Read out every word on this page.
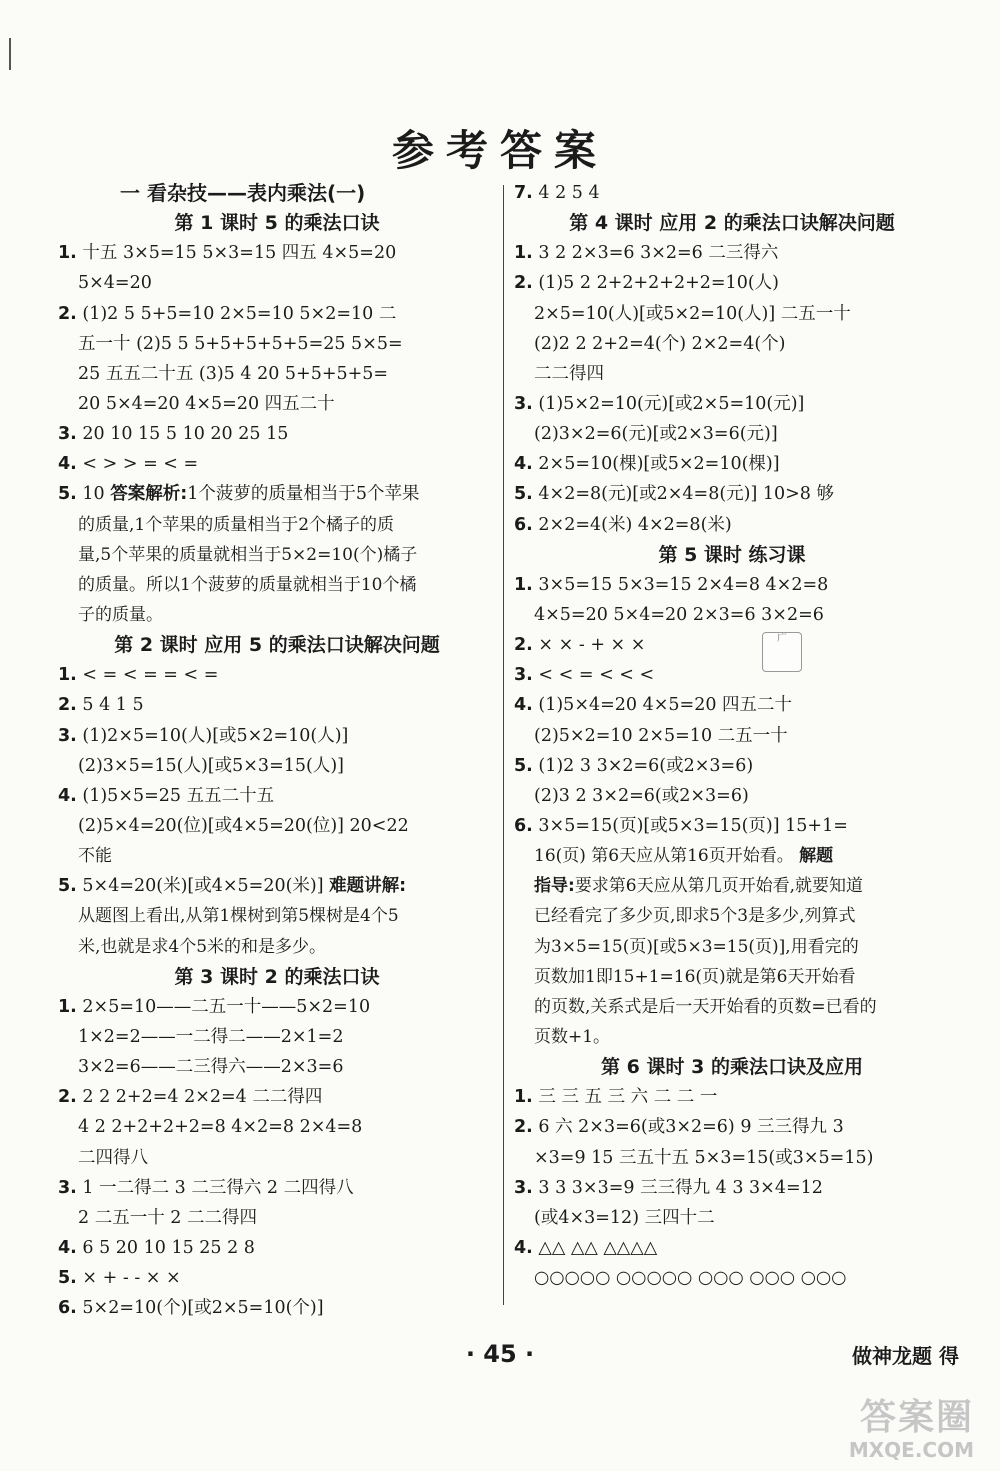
参考答案
一 看杂技——表内乘法(一)
第 1 课时 5 的乘法口诀
1. 十五 3×5=15 5×3=15 四五 4×5=20
5×4=20
2. (1)2 5 5+5=10 2×5=10 5×2=10 二
五一十 (2)5 5 5+5+5+5+5=25 5×5=
25 五五二十五 (3)5 4 20 5+5+5+5=
20 5×4=20 4×5=20 四五二十
3. 20 10 15 5 10 20 25 15
4. < > > = < =
5. 10 答案解析:1个菠萝的质量相当于5个苹果
的质量,1个苹果的质量相当于2个橘子的质
量,5个苹果的质量就相当于5×2=10(个)橘子
的质量。所以1个菠萝的质量就相当于10个橘
子的质量。
第 2 课时 应用 5 的乘法口诀解决问题
1. < = < = = < =
2. 5 4 1 5
3. (1)2×5=10(人)[或5×2=10(人)]
(2)3×5=15(人)[或5×3=15(人)]
4. (1)5×5=25 五五二十五
(2)5×4=20(位)[或4×5=20(位)] 20<22
不能
5. 5×4=20(米)[或4×5=20(米)] 难题讲解:
从题图上看出,从第1棵树到第5棵树是4个5
米,也就是求4个5米的和是多少。
第 3 课时 2 的乘法口诀
1. 2×5=10——二五一十——5×2=10
1×2=2——一二得二——2×1=2
3×2=6——二三得六——2×3=6
2. 2 2 2+2=4 2×2=4 二二得四
4 2 2+2+2+2=8 4×2=8 2×4=8
二四得八
3. 1 一二得二 3 二三得六 2 二四得八
2 二五一十 2 二二得四
4. 6 5 20 10 15 25 2 8
5. × + - - × ×
6. 5×2=10(个)[或2×5=10(个)]
7. 4 2 5 4
第 4 课时 应用 2 的乘法口诀解决问题
1. 3 2 2×3=6 3×2=6 二三得六
2. (1)5 2 2+2+2+2+2=10(人)
2×5=10(人)[或5×2=10(人)] 二五一十
(2)2 2 2+2=4(个) 2×2=4(个)
二二得四
3. (1)5×2=10(元)[或2×5=10(元)]
(2)3×2=6(元)[或2×3=6(元)]
4. 2×5=10(棵)[或5×2=10(棵)]
5. 4×2=8(元)[或2×4=8(元)] 10>8 够
6. 2×2=4(米) 4×2=8(米)
第 5 课时 练习课
1. 3×5=15 5×3=15 2×4=8 4×2=8
4×5=20 5×4=20 2×3=6 3×2=6
2. × × - + × ×
3. < < = < < <
4. (1)5×4=20 4×5=20 四五二十
(2)5×2=10 2×5=10 二五一十
5. (1)2 3 3×2=6(或2×3=6)
(2)3 2 3×2=6(或2×3=6)
6. 3×5=15(页)[或5×3=15(页)] 15+1=
16(页) 第6天应从第16页开始看。 解题
指导:要求第6天应从第几页开始看,就要知道
已经看完了多少页,即求5个3是多少,列算式
为3×5=15(页)[或5×3=15(页)],用看完的
页数加1即15+1=16(页)就是第6天开始看
的页数,关系式是后一天开始看的页数=已看的
页数+1。
第 6 课时 3 的乘法口诀及应用
1. 三 三 五 三 六 二 二 一
2. 6 六 2×3=6(或3×2=6) 9 三三得九 3
×3=9 15 三五十五 5×3=15(或3×5=15)
3. 3 3 3×3=9 三三得九 4 3 3×4=12
(或4×3=12) 三四十二
4. △△ △△ △△△△
○○○○○ ○○○○○ ○○○ ○○○ ○○○
广
· 45 ·	做神龙题 得
答案圈
MXQE.COM
